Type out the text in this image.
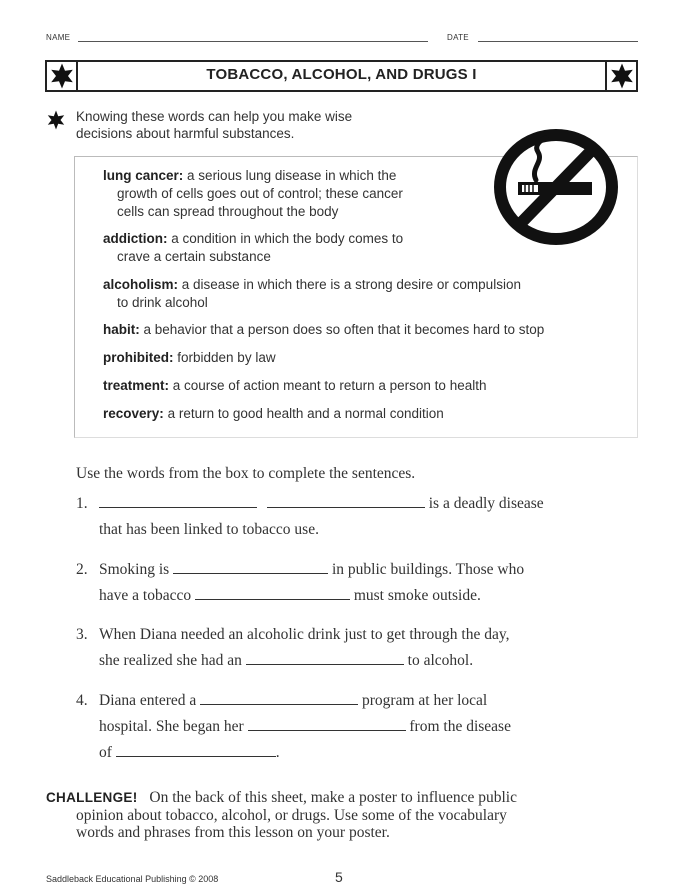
NAME	DATE
TOBACCO, ALCOHOL, AND DRUGS I
Knowing these words can help you make wise
decisions about harmful substances.
lung cancer: a serious lung disease in which the
growth of cells goes out of control; these cancer
cells can spread throughout the body
addiction: a condition in which the body comes to
crave a certain substance
alcoholism: a disease in which there is a strong desire or compulsion
to drink alcohol
habit: a behavior that a person does so often that it becomes hard to stop
prohibited: forbidden by law
treatment: a course of action meant to return a person to health
recovery: a return to good health and a normal condition
Use the words from the box to complete the sentences.
1.	is a deadly disease
that has been linked to tobacco use.
2. Smoking is	in public buildings. Those who
have a tobacco	must smoke outside.
3. When Diana needed an alcoholic drink just to get through the day,
she realized she had an	to alcohol.
4. Diana entered a	program at her local
hospital. She began her	from the disease
of	.
CHALLENGE! On the back of this sheet, make a poster to influence public
opinion about tobacco, alcohol, or drugs. Use some of the vocabulary
words and phrases from this lesson on your poster.
Saddleback Educational Publishing © 2008	5
